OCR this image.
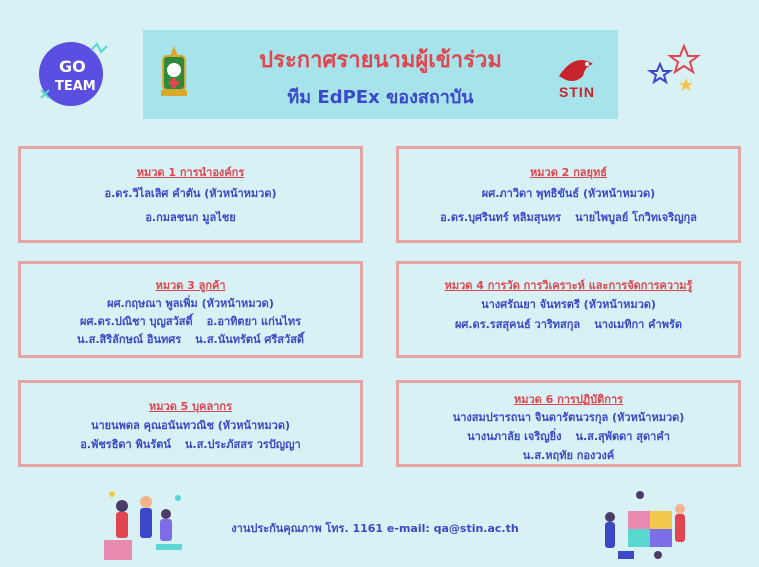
GO
TEAM
ประกาศรายนามผู้เข้าร่วม
ทีม EdPEx ของสถาบัน	STIN
หมวด 1 การนำองค์กร
อ.ดร.วิไลเลิศ คำตัน (หัวหน้าหมวด)
อ.กมลชนก มูลไชย
หมวด 2 กลยุทธ์
ผศ.ภาวิดา พุทธิขันธ์ (หัวหน้าหมวด)
อ.ดร.บุศรินทร์ หลิมสุนทร นายไพบูลย์ โกวิทเจริญกุล
หมวด 3 ลูกค้า
ผศ.กฤษณา พูลเพิ่ม (หัวหน้าหมวด)
ผศ.ดร.ปณิชา บุญสวัสดิ์ อ.อาทิตยา แก่นไทร
น.ส.สิริลักษณ์ อินทศร น.ส.นันทรัตน์ ศรีสวัสดิ์
หมวด 4 การวัด การวิเคราะห์ และการจัดการความรู้
นางศรัณยา จันทรตรี (หัวหน้าหมวด)
ผศ.ดร.รสสุคนธ์ วาริทสกุล นางเมทิกา คำพรัด
หมวด 5 บุคลากร
นายนพดล คุณอนันทวณิช (หัวหน้าหมวด)
อ.พัชรธิดา พินรัตน์ น.ส.ประภัสสร วรปัญญา
หมวด 6 การปฏิบัติการ
นางสมปรารถนา จินดารัตนวรกุล (หัวหน้าหมวด)
นางนภาลัย เจริญยิ่ง น.ส.สุพัตดา สุดาคำ
น.ส.หฤทัย กองวงค์
งานประกันคุณภาพ โทร. 1161 e-mail: qa@stin.ac.th
